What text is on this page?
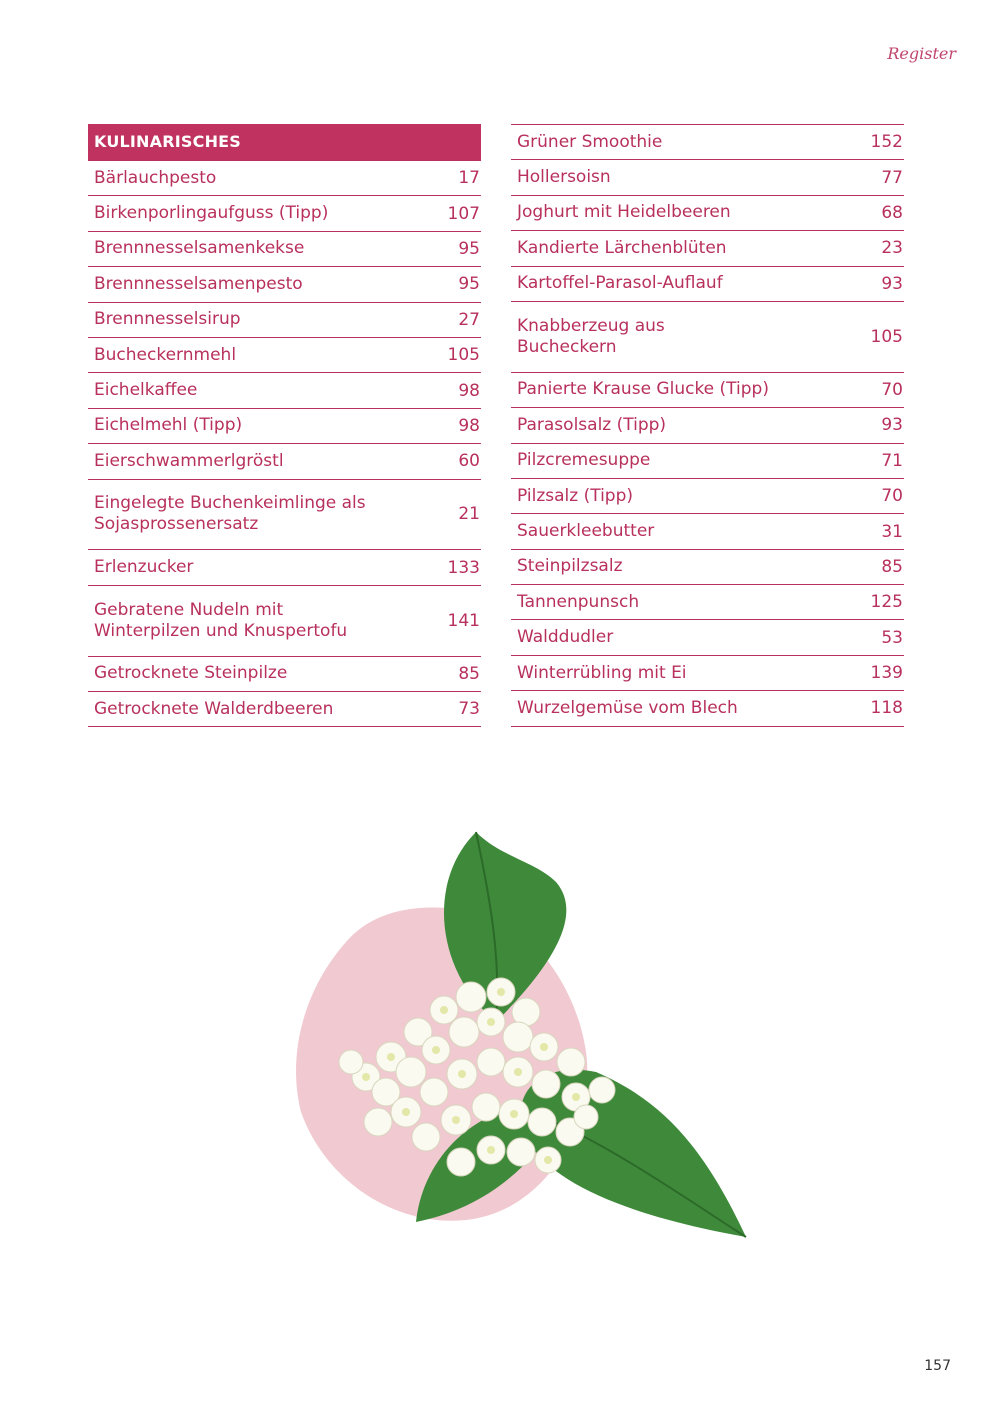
Register
KULINARISCHES
Bärlauchpesto	17
Birkenporlingaufguss (Tipp)	107
Brennnesselsamenkekse	95
Brennnesselsamenpesto	95
Brennnesselsirup	27
Bucheckernmehl	105
Eichelkaffee	98
Eichelmehl (Tipp)	98
Eierschwammerlgröstl	60
Eingelegte Buchenkeimlinge als Sojasprossenersatz	21
Erlenzucker	133
Gebratene Nudeln mit Winterpilzen und Knuspertofu	141
Getrocknete Steinpilze	85
Getrocknete Walderdbeeren	73
Grüner Smoothie	152
Hollersoisn	77
Joghurt mit Heidelbeeren	68
Kandierte Lärchenblüten	23
Kartoffel-Parasol-Auflauf	93
Knabberzeug aus Bucheckern	105
Panierte Krause Glucke (Tipp)	70
Parasolsalz (Tipp)	93
Pilzcremesuppe	71
Pilzsalz (Tipp)	70
Sauerkleebutter	31
Steinpilzsalz	85
Tannenpunsch	125
Walddudler	53
Winterrübling mit Ei	139
Wurzelgemüse vom Blech	118
157
